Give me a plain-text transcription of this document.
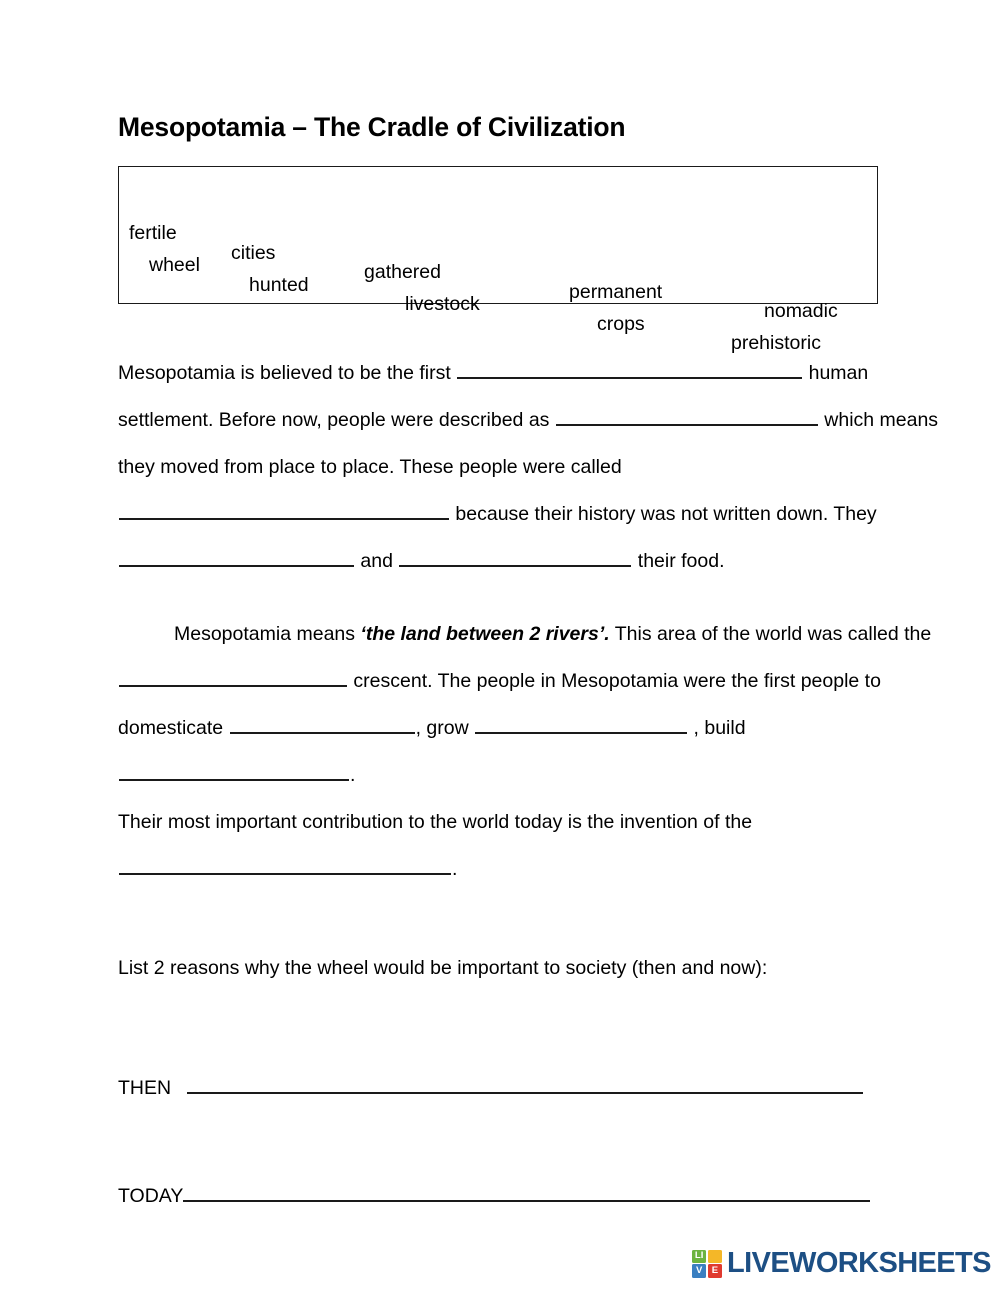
Mesopotamia – The Cradle of Civilization

fertile

cities

gathered

permanent

nomadic

wheel

hunted

livestock

crops

prehistoric

Mesopotamia is believed to be the first	human settlement. Before now, people were described as	which means they moved from place to place. These people were called  because their history was not written down. They  and	their food.

Mesopotamia means ‘the land between 2 rivers’. This area of the world was called the  crescent. The people in Mesopotamia were the first people to domesticate	, grow	, build .

Their most important contribution to the world today is the invention of the .

List 2 reasons why the wheel would be important to society (then and now):

THEN
TODAY
LI
V E LIVEWORKSHEETS
